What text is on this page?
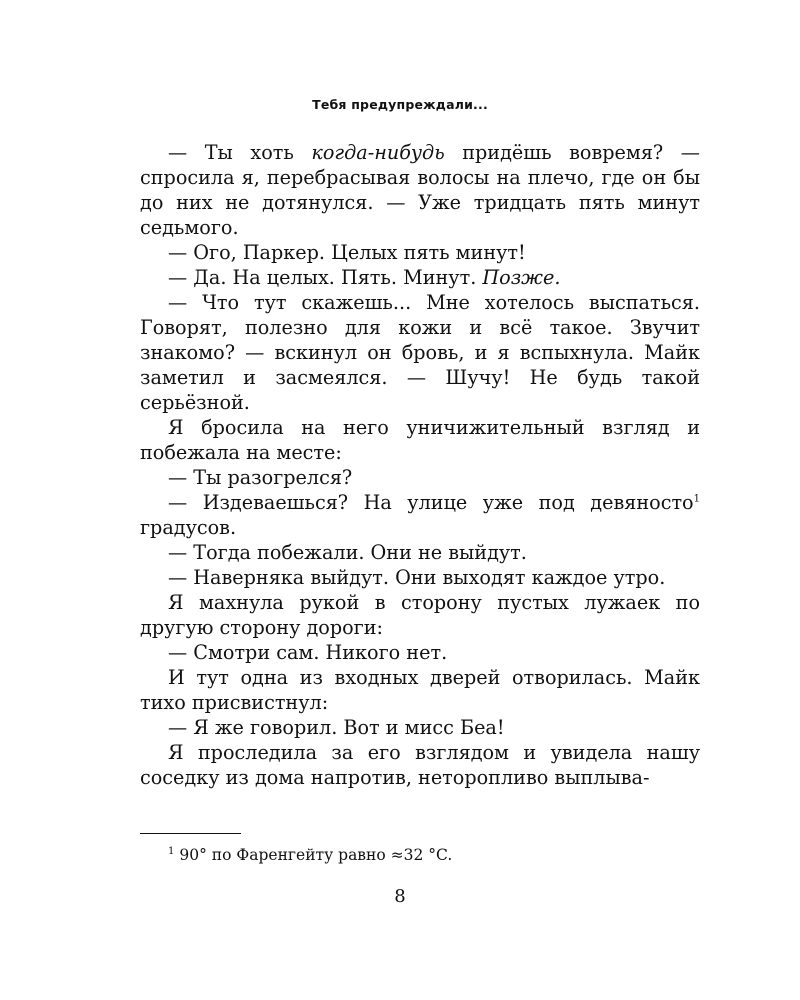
Тебя предупреждали...

— Ты хоть когда-нибудь придёшь вовремя? — спросила я, перебрасывая волосы на плечо, где он бы до них не дотянулся. — Уже тридцать пять минут седьмого.

— Ого, Паркер. Целых пять минут!

— Да. На целых. Пять. Минут. Позже.

— Что тут скажешь... Мне хотелось выспаться. Говорят, полезно для кожи и всё такое. Звучит знакомо? — вскинул он бровь, и я вспыхнула. Майк заметил и засмеялся. — Шучу! Не будь такой серьёзной.

Я бросила на него уничижительный взгляд и побежала на месте:

— Ты разогрелся?

— Издеваешься? На улице уже под девяносто$^1$ градусов.

— Тогда побежали. Они не выйдут.

— Наверняка выйдут. Они выходят каждое утро.

Я махнула рукой в сторону пустых лужаек по другую сторону дороги:

— Смотри сам. Никого нет.

И тут одна из входных дверей отворилась. Майк тихо присвистнул:

— Я же говорил. Вот и мисс Беа!

Я проследила за его взглядом и увидела нашу соседку из дома напротив, неторопливо выплыва-

$^1$ 90° по Фаренгейту равно ≈32 °C.
8
